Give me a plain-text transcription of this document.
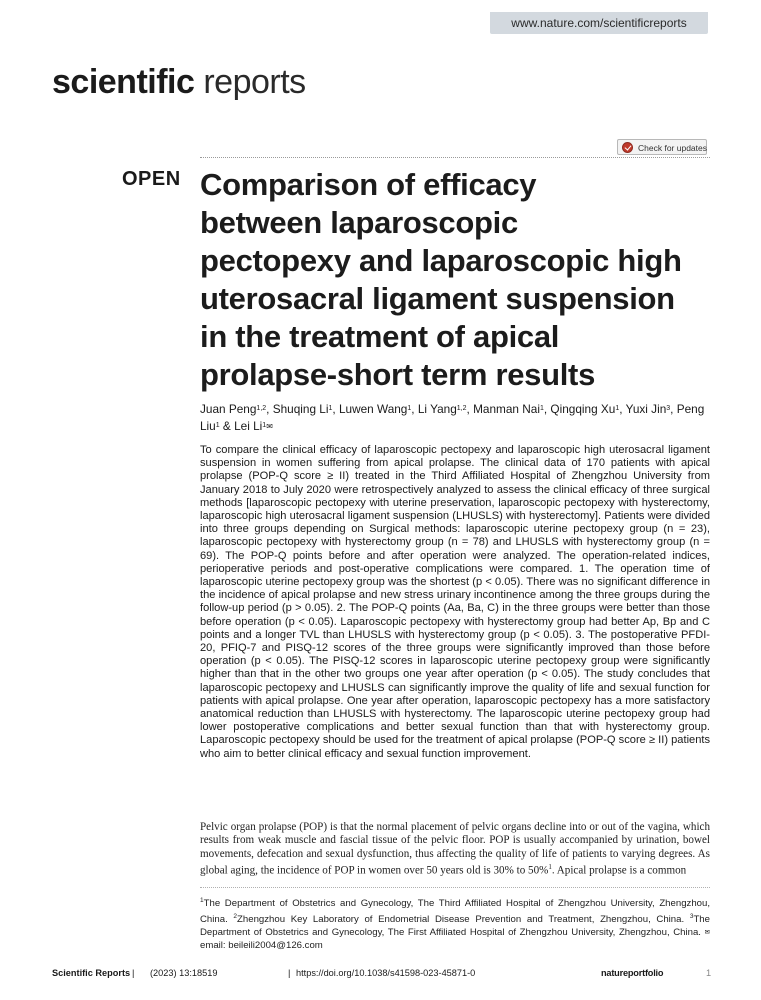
www.nature.com/scientificreports
scientific reports
Check for updates
OPEN Comparison of efficacy
between laparoscopic
pectopexy and laparoscopic high
uterosacral ligament suspension
in the treatment of apical
prolapse-short term results
Juan Peng$^{1,2}$, Shuqing Li$^1$, Luwen Wang$^1$, Li Yang$^{1,2}$, Manman Nai$^1$, Qingqing Xu$^1$, Yuxi Jin$^3$, Peng Liu$^1$ & Lei $Li^{1✉}$

To compare the clinical efficacy of laparoscopic pectopexy and laparoscopic high uterosacral ligament suspension in women suffering from apical prolapse. The clinical data of 170 patients with apical prolapse (POP-Q score ≥ II) treated in the Third Affiliated Hospital of Zhengzhou University from January 2018 to July 2020 were retrospectively analyzed to assess the clinical efficacy of three surgical methods [laparoscopic pectopexy with uterine preservation, laparoscopic pectopexy with hysterectomy, laparoscopic high uterosacral ligament suspension (LHUSLS) with hysterectomy]. Patients were divided into three groups depending on Surgical methods: laparoscopic uterine pectopexy group (n = 23), laparoscopic pectopexy with hysterectomy group (n = 78) and LHUSLS with hysterectomy group (n = 69). The POP-Q points before and after operation were analyzed. The operation-related indices, perioperative periods and post-operative complications were compared. 1. The operation time of laparoscopic uterine pectopexy group was the shortest (p < 0.05). There was no significant difference in the incidence of apical prolapse and new stress urinary incontinence among the three groups during the follow-up period (p > 0.05). 2. The POP-Q points (Aa, Ba, C) in the three groups were better than those before operation (p < 0.05). Laparoscopic pectopexy with hysterectomy group had better Ap, Bp and C points and a longer TVL than LHUSLS with hysterectomy group (p < 0.05). 3. The postoperative PFDI-20, PFIQ-7 and PISQ-12 scores of the three groups were significantly improved than those before operation (p < 0.05). The PISQ-12 scores in laparoscopic uterine pectopexy group were significantly higher than that in the other two groups one year after operation (p < 0.05). The study concludes that laparoscopic pectopexy and LHUSLS can significantly improve the quality of life and sexual function for patients with apical prolapse. One year after operation, laparoscopic pectopexy has a more satisfactory anatomical reduction than LHUSLS with hysterectomy. The laparoscopic uterine pectopexy group had lower postoperative complications and better sexual function than that with hysterectomy group. Laparoscopic pectopexy should be used for the treatment of apical prolapse (POP-Q score ≥ II) patients who aim to better clinical efficacy and sexual function improvement.

Pelvic organ prolapse (POP) is that the normal placement of pelvic organs decline into or out of the vagina, which results from weak muscle and fascial tissue of the pelvic floor. POP is usually accompanied by urination, bowel movements, defecation and sexual dysfunction, thus affecting the quality of life of patients to varying degrees. As global aging, the incidence of POP in women over 50 years old is 30% to 50%$^1$. Apical prolapse is a common

$^1$The Department of Obstetrics and Gynecology, The Third Affiliated Hospital of Zhengzhou University, Zhengzhou, China. $^2$Zhengzhou Key Laboratory of Endometrial Disease Prevention and Treatment, Zhengzhou, China. $^3$The Department of Obstetrics and Gynecology, The First Affiliated Hospital of Zhengzhou University, Zhengzhou, China. ✉email: beileili2004@126.com

Scientific Reports | (2023) 13:18519	| https://doi.org/10.1038/s41598-023-45871-0	natureportfolio	1
